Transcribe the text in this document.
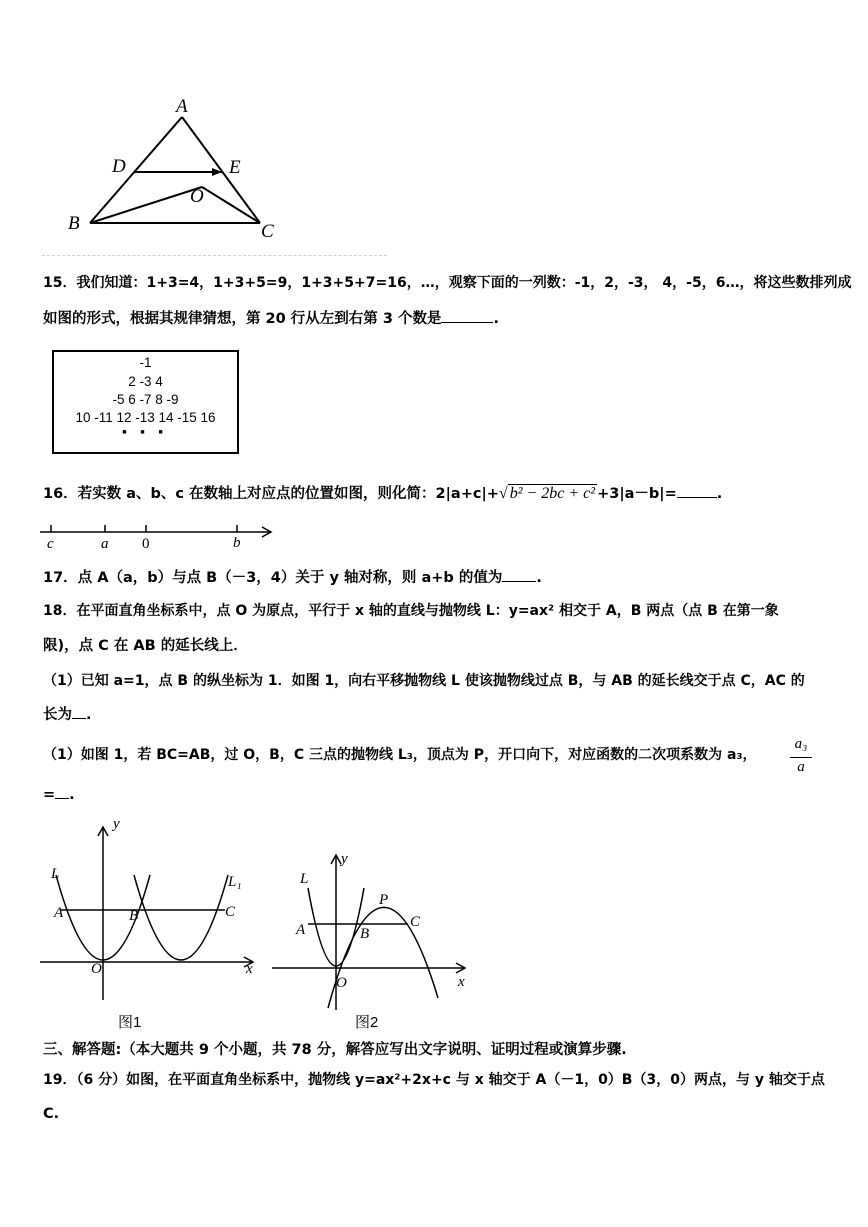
A
D	E
O
B	C
15．我们知道：1+3=4，1+3+5=9，1+3+5+7=16，…，观察下面的一列数：-1，2，-3， 4，-5，6…，将这些数排列成
如图的形式，根据其规律猜想，第 20 行从左到右第 3 个数是	.
-1
2 -3 4
-5 6 -7 8 -9
10 -11 12 -13 14 -15 16
■ ■ ■
16．若实数 a、b、c 在数轴上对应点的位置如图，则化简：2|a+c|+√ b² − 2bc + c² +3|a－b|=	.
c	a 0	b
17．点 A（a，b）与点 B（－3，4）关于 y 轴对称，则 a+b 的值为 .
18．在平面直角坐标系中，点 O 为原点，平行于 x 轴的直线与抛物线 L：y=ax² 相交于 A，B 两点（点 B 在第一象
限)，点 C 在 AB 的延长线上．
（1）已知 a=1，点 B 的纵坐标为 1．如图 1，向右平移抛物线 L 使该抛物线过点 B，与 AB 的延长线交于点 C，AC 的
长为 .
（1）如图 1，若 BC=AB，过 O，B，C 三点的抛物线 L₃，顶点为 P，开口向下，对应函数的二次项系数为 a₃，
a₃
a
= .
y
L	L₁
A	B	C
O	x
图1
y
L
P
A	B
C
O	x
图2
三、解答题:（本大题共 9 个小题，共 78 分，解答应写出文字说明、证明过程或演算步骤.
19．（6 分）如图，在平面直角坐标系中，抛物线 y=ax²+2x+c 与 x 轴交于 A（－1，0）B（3，0）两点，与 y 轴交于点
C.
